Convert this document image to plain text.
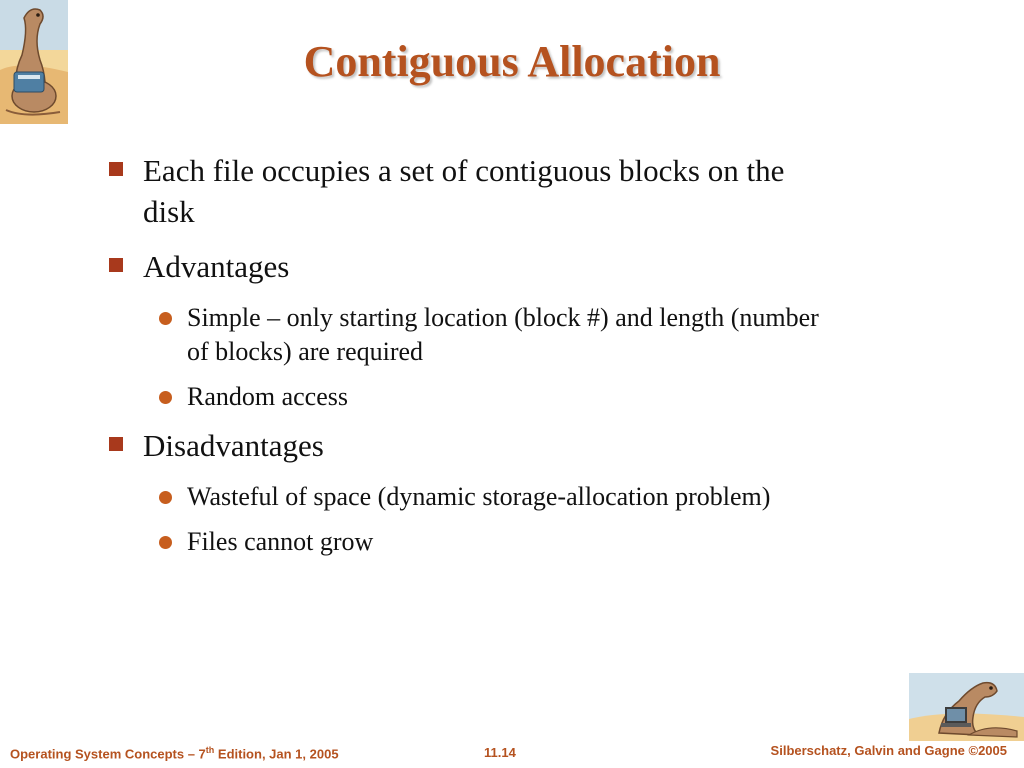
Contiguous Allocation
Each file occupies a set of contiguous blocks on the disk
Advantages
Simple – only starting location (block #) and length (number of blocks) are required
Random access
Disadvantages
Wasteful of space (dynamic storage-allocation problem)
Files cannot grow
Operating System Concepts – 7th Edition, Jan 1, 2005	11.14	Silberschatz, Galvin and Gagne ©2005
